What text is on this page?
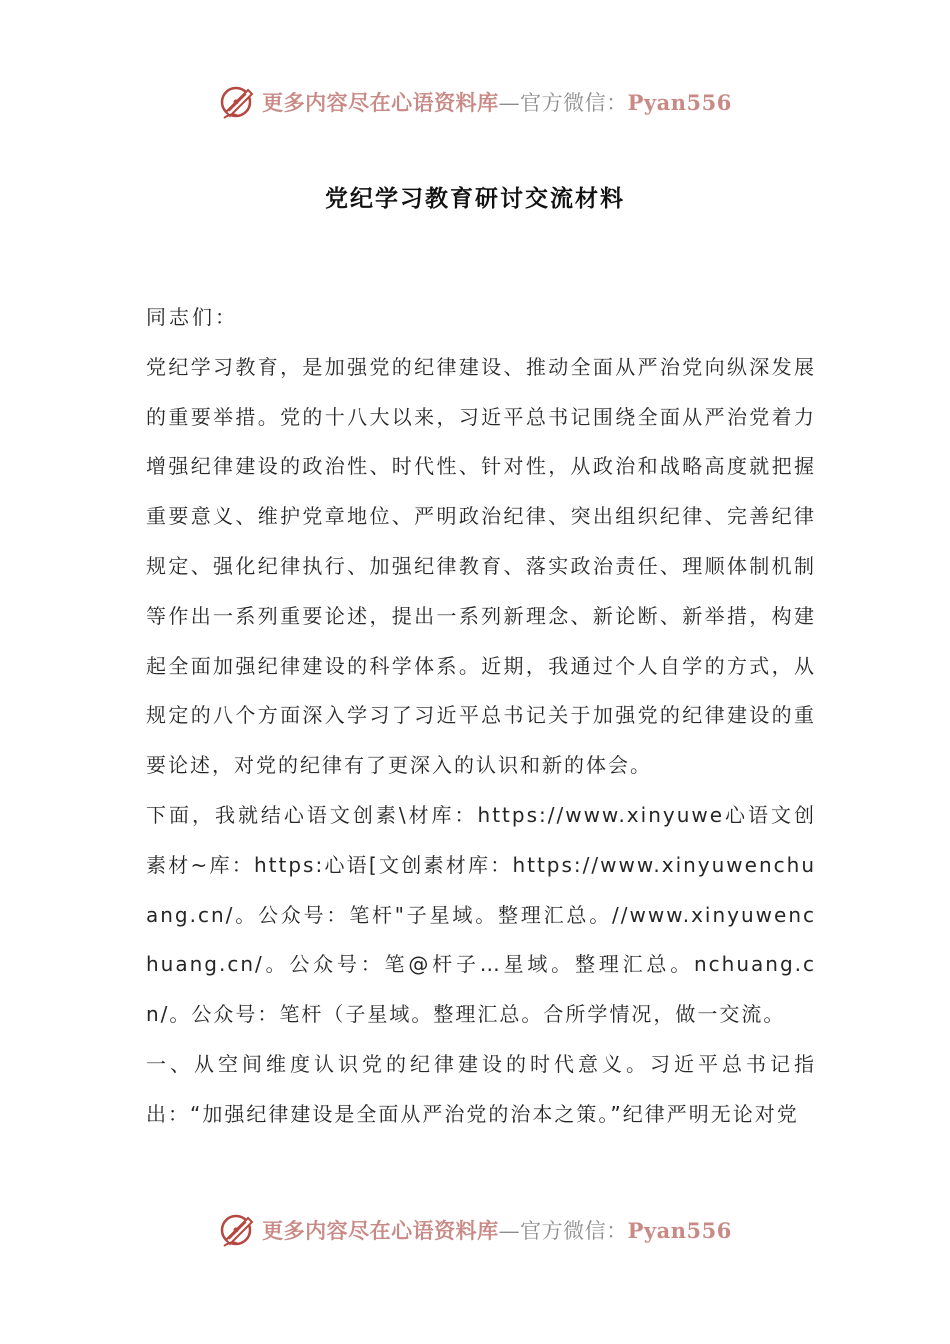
更多内容尽在心语资料库—官方微信：Pyan556
党纪学习教育研讨交流材料

同志们：

党纪学习教育，是加强党的纪律建设、推动全面从严治党向纵深发展的重要举措。党的十八大以来，习近平总书记围绕全面从严治党着力增强纪律建设的政治性、时代性、针对性，从政治和战略高度就把握重要意义、维护党章地位、严明政治纪律、突出组织纪律、完善纪律规定、强化纪律执行、加强纪律教育、落实政治责任、理顺体制机制等作出一系列重要论述，提出一系列新理念、新论断、新举措，构建起全面加强纪律建设的科学体系。近期，我通过个人自学的方式，从规定的八个方面深入学习了习近平总书记关于加强党的纪律建设的重要论述，对党的纪律有了更深入的认识和新的体会。

下面，我就结心语文创素\材库：https://www.xinyuwe心语文创素材~库：https:心语[文创素材库：https://www.xinyuwenchuang.cn/。公众号：笔杆"子星域。整理汇总。//www.xinyuwenchuang.cn/。公众号：笔@杆子…星域。整理汇总。nchuang.cn/。公众号：笔杆（子星域。整理汇总。合所学情况，做一交流。

一、从空间维度认识党的纪律建设的时代意义。习近平总书记指出：“加强纪律建设是全面从严治党的治本之策。”纪律严明无论对党

更多内容尽在心语资料库—官方微信：Pyan556
